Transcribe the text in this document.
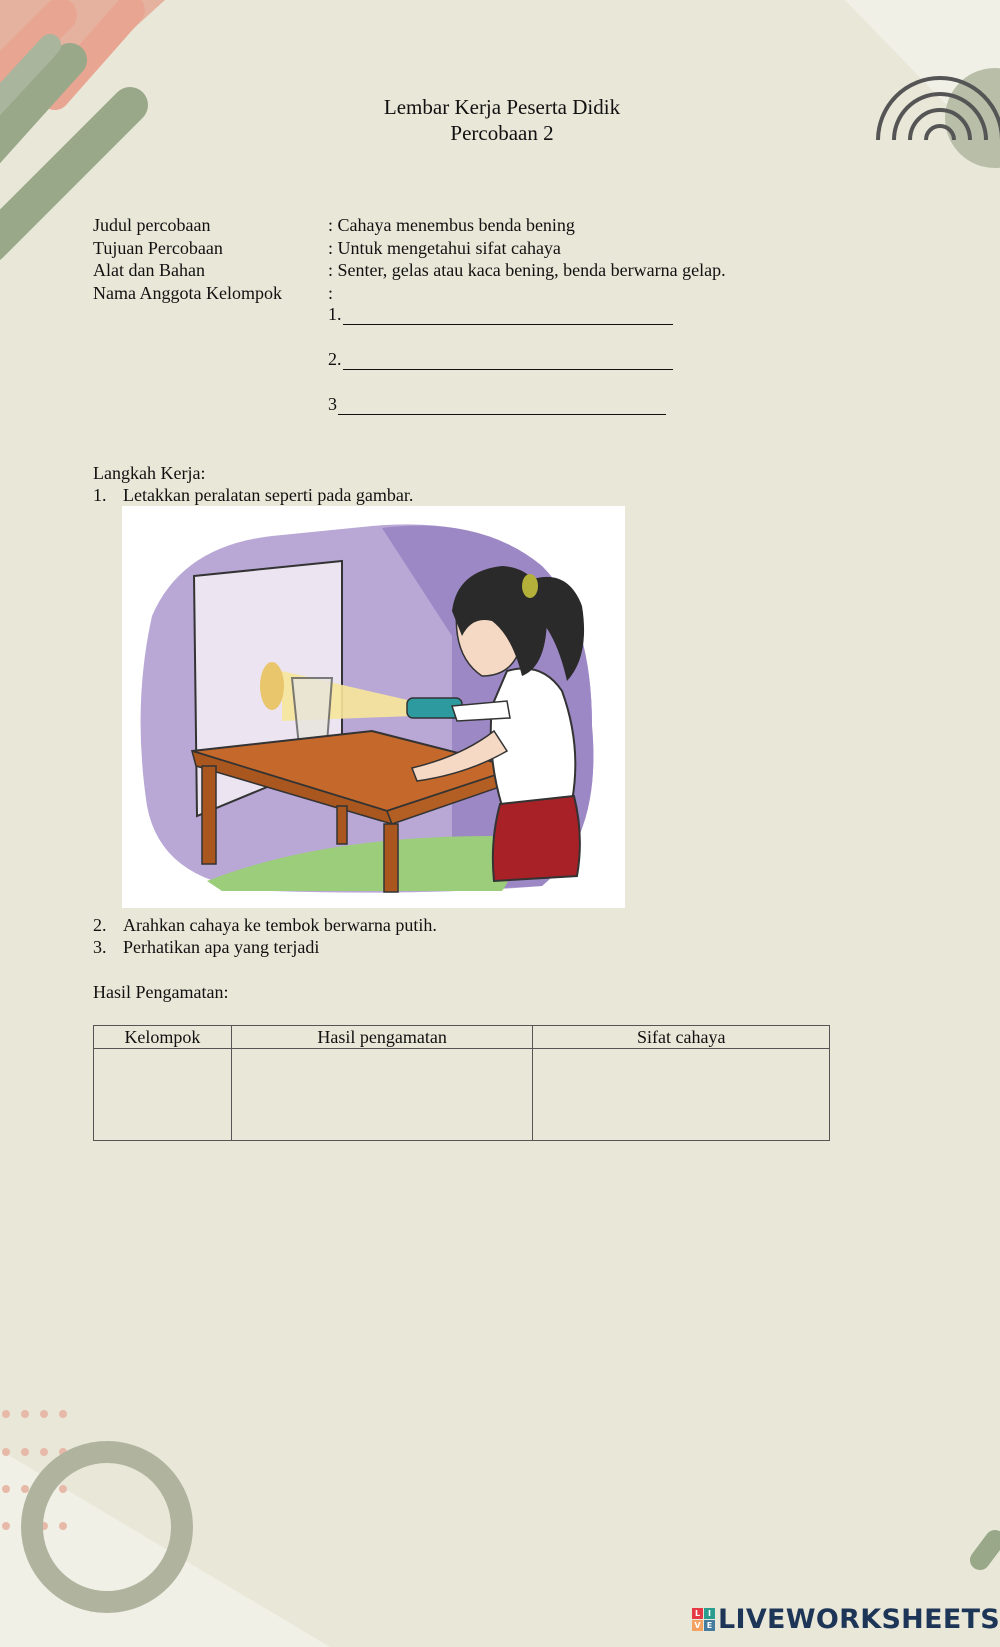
Lembar Kerja Peserta Didik
Percobaan 2
Judul percobaan	: Cahaya menembus benda bening
Tujuan Percobaan	: Untuk mengetahui sifat cahaya
Alat dan Bahan	: Senter, gelas atau kaca bening, benda berwarna gelap.
Nama Anggota Kelompok	:
1.
2.
3
Langkah Kerja:
1. Letakkan peralatan seperti pada gambar.
2. Arahkan cahaya ke tembok berwarna putih.
3. Perhatikan apa yang terjadi
Hasil Pengamatan:
Kelompok	Hasil pengamatan	Sifat cahaya

L I
V E LIVEWORKSHEETS
